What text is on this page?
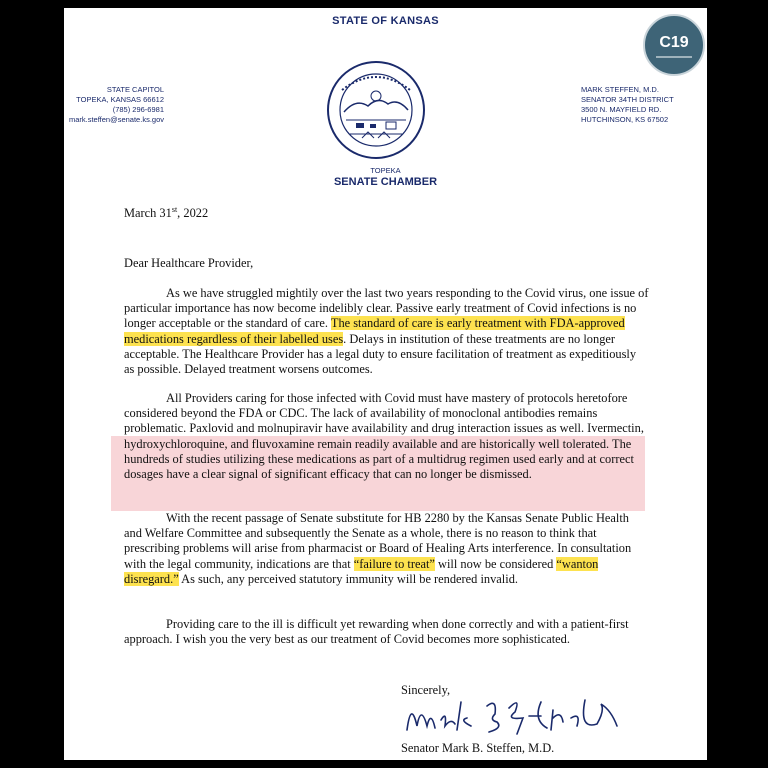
STATE OF KANSAS
C19
STATE CAPITOL
TOPEKA, KANSAS 66612
(785) 296-6981
mark.steffen@senate.ks.gov
TOPEKA
SENATE CHAMBER
MARK STEFFEN, M.D.
SENATOR 34TH DISTRICT
3500 N. MAYFIELD RD.
HUTCHINSON, KS 67502
March 31st, 2022
Dear Healthcare Provider,

As we have struggled mightily over the last two years responding to the Covid virus, one issue of particular importance has now become indelibly clear. Passive early treatment of Covid infections is no longer acceptable or the standard of care. The standard of care is early treatment with FDA-approved medications regardless of their labelled uses. Delays in institution of these treatments are no longer acceptable. The Healthcare Provider has a legal duty to ensure facilitation of treatment as expeditiously as possible. Delayed treatment worsens outcomes.

All Providers caring for those infected with Covid must have mastery of protocols heretofore considered beyond the FDA or CDC. The lack of availability of monoclonal antibodies remains problematic. Paxlovid and molnupiravir have availability and drug interaction issues as well. Ivermectin, hydroxychloroquine, and fluvoxamine remain readily available and are historically well tolerated. The hundreds of studies utilizing these medications as part of a multidrug regimen used early and at correct dosages have a clear signal of significant efficacy that can no longer be dismissed.

With the recent passage of Senate substitute for HB 2280 by the Kansas Senate Public Health and Welfare Committee and subsequently the Senate as a whole, there is no reason to think that prescribing problems will arise from pharmacist or Board of Healing Arts interference. In consultation with the legal community, indications are that “failure to treat” will now be considered “wanton disregard.” As such, any perceived statutory immunity will be rendered invalid.

Providing care to the ill is difficult yet rewarding when done correctly and with a patient-first approach. I wish you the very best as our treatment of Covid becomes more sophisticated.

Sincerely,
Senator Mark B. Steffen, M.D.
